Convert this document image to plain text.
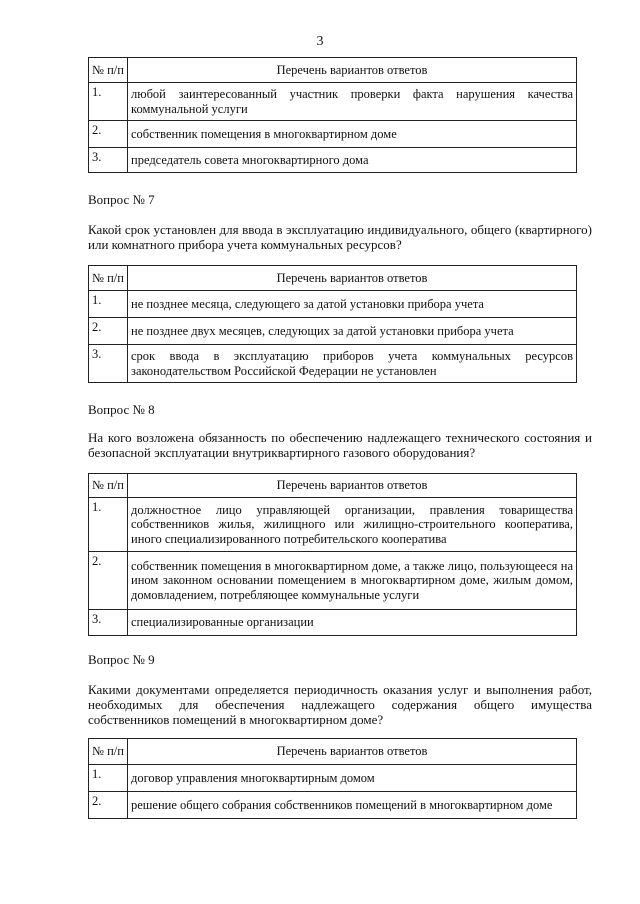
3
№ п/п	Перечень вариантов ответов
1.	любой заинтересованный участник проверки факта нарушения качества коммунальной услуги
2.	собственник помещения в многоквартирном доме
3.	председатель совета многоквартирного дома
Вопрос № 7
Какой срок установлен для ввода в эксплуатацию индивидуального, общего (квартирного) или комнатного прибора учета коммунальных ресурсов?
№ п/п	Перечень вариантов ответов
1.	не позднее месяца, следующего за датой установки прибора учета
2.	не позднее двух месяцев, следующих за датой установки прибора учета
3.	срок ввода в эксплуатацию приборов учета коммунальных ресурсов законодательством Российской Федерации не установлен
Вопрос № 8
На кого возложена обязанность по обеспечению надлежащего технического состояния и безопасной эксплуатации внутриквартирного газового оборудования?
№ п/п	Перечень вариантов ответов
1.	должностное лицо управляющей организации, правления товарищества собственников жилья, жилищного или жилищно-строительного кооператива, иного специализированного потребительского кооператива
2.	собственник помещения в многоквартирном доме, а также лицо, пользующееся на ином законном основании помещением в многоквартирном доме, жилым домом, домовладением, потребляющее коммунальные услуги
3.	специализированные организации
Вопрос № 9
Какими документами определяется периодичность оказания услуг и выполнения работ, необходимых для обеспечения надлежащего содержания общего имущества собственников помещений в многоквартирном доме?
№ п/п	Перечень вариантов ответов
1.	договор управления многоквартирным домом
2.	решение общего собрания собственников помещений в многоквартирном доме
